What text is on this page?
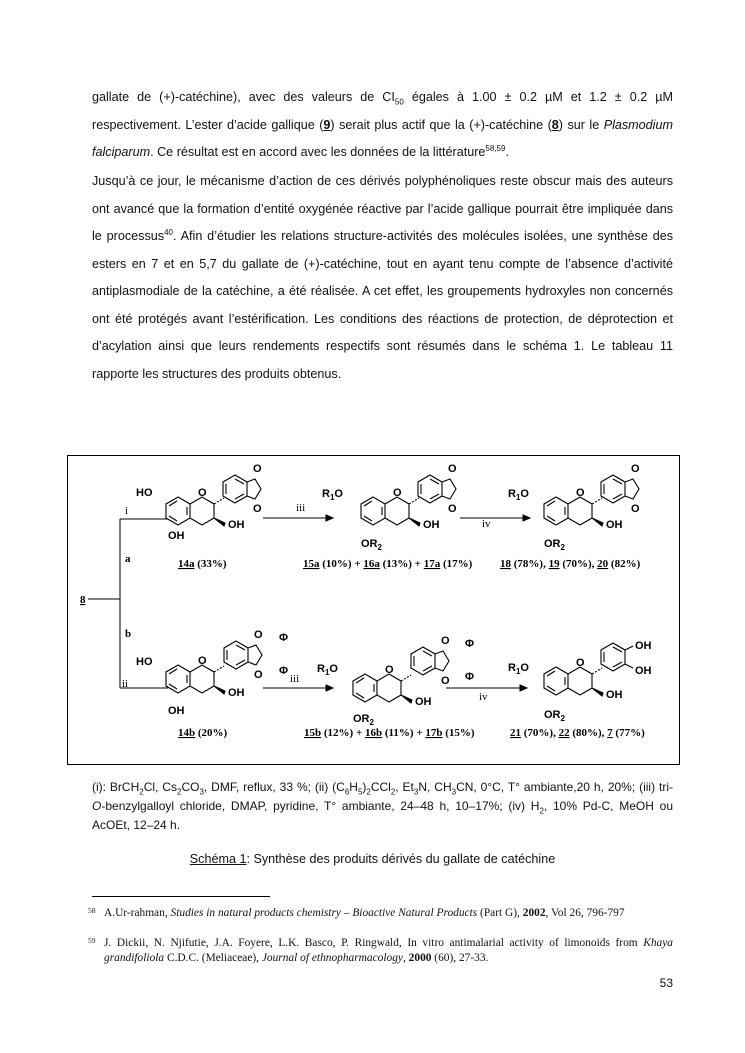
gallate de (+)-catéchine), avec des valeurs de $CI_{50}$ égales à 1.00 ± 0.2 µM et 1.2 ± 0.2 µM respectivement. L’ester d’acide gallique (9) serait plus actif que la (+)-catéchine (8) sur le Plasmodium falciparum. Ce résultat est en accord avec les données de la littérature$^{58,59}$.

Jusqu’à ce jour, le mécanisme d’action de ces dérivés polyphénoliques reste obscur mais des auteurs ont avancé que la formation d’entité oxygénée réactive par l’acide gallique pourrait être impliquée dans le processus$^{40}$. Afin d’étudier les relations structure-activités des molécules isolées, une synthèse des esters en 7 et en 5,7 du gallate de (+)-catéchine, tout en ayant tenu compte de l’absence d’activité antiplasmodiale de la catéchine, a été réalisée. A cet effet, les groupements hydroxyles non concernés ont été protégés avant l’estérification. Les conditions des réactions de protection, de déprotection et d’acylation ainsi que leurs rendements respectifs sont résumés dans le schéma 1. Le tableau 11 rapporte les structures des produits obtenus.

8
a
b
i
ii
iii
iv
iii
iv
HO	O
OH
OH
O
O
$R_1O$	O
OH
$OR_2$
O
O
$R_1O$	O
OH
$OR_2$
O
O
HO	O
OH
OH
O
O
Φ
Φ	$R_1O$	O
OH
$OR_2$
O
O
Φ
Φ
$R_1O$	O
OH
$OR_2$
OH
OH
14a (33%)	15a (10%) + 16a (13%) + 17a (17%)	18 (78%), 19 (70%), 20 (82%)
14b (20%)	15b (12%) + 16b (11%) + 17b (15%)	21 (70%), 22 (80%), 7 (77%)

(i): BrCH$_2$Cl, $Cs_2CO_3$, DMF, reflux, 33 %; (ii) $(C_6H_5)_2CCl_2$, $Et_3N$, $CH_3CN$, 0°C, T° ambiante,20 h, 20%; (iii) tri-O-benzylgalloyl chloride, DMAP, pyridine, T° ambiante, 24–48 h, 10–17%; (iv) $H_2$, 10% Pd-C, MeOH ou AcOEt, 12–24 h.

Schéma 1: Synthèse des produits dérivés du gallate de catéchine
58 A.Ur-rahman, Studies in natural products chemistry – Bioactive Natural Products (Part G), 2002, Vol 26, 796-797
59 J. Dickii, N. Njifutie, J.A. Foyere, L.K. Basco, P. Ringwald, In vitro antimalarial activity of limonoids from Khaya grandifoliola C.D.C. (Meliaceae), Journal of ethnopharmacology, 2000 (60), 27-33.
53
